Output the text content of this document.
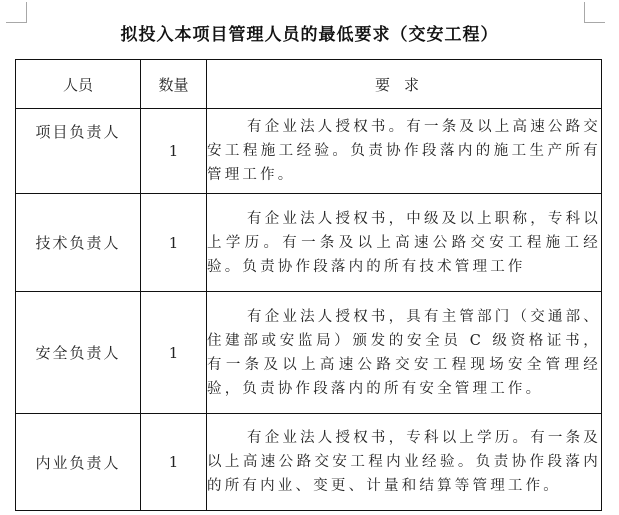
拟投入本项目管理人员的最低要求（交安工程）
人员	数量	要求
项目负责人	1	有企业法人授权书。有一条及以上高速公路交安工程施工经验。负责协作段落内的施工生产所有管理工作。
技术负责人	1	有企业法人授权书，中级及以上职称，专科以上学历。有一条及以上高速公路交安工程施工经验。负责协作段落内的所有技术管理工作
安全负责人	1	有企业法人授权书，具有主管部门（交通部、住建部或安监局）颁发的安全员 C 级资格证书，有一条及以上高速公路交安工程现场安全管理经验，负责协作段落内的所有安全管理工作。
内业负责人	1	有企业法人授权书，专科以上学历。有一条及以上高速公路交安工程内业经验。负责协作段落内的所有内业、变更、计量和结算等管理工作。
